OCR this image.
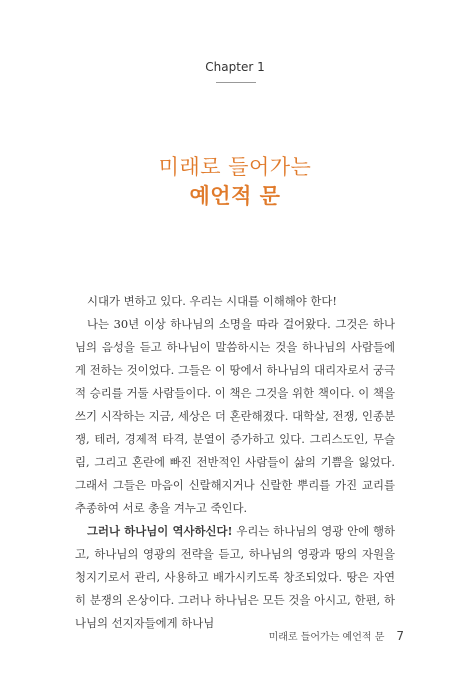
Chapter 1
미래로 들어가는
예언적 문

시대가 변하고 있다. 우리는 시대를 이해해야 한다!

나는 30년 이상 하나님의 소명을 따라 걸어왔다. 그것은 하나님의 음성을 듣고 하나님이 말씀하시는 것을 하나님의 사람들에게 전하는 것이었다. 그들은 이 땅에서 하나님의 대리자로서 궁극적 승리를 거둘 사람들이다. 이 책은 그것을 위한 책이다. 이 책을 쓰기 시작하는 지금, 세상은 더 혼란해졌다. 대학살, 전쟁, 인종분쟁, 테러, 경제적 타격, 분열이 증가하고 있다. 그리스도인, 무슬림, 그리고 혼란에 빠진 전반적인 사람들이 삶의 기쁨을 잃었다. 그래서 그들은 마음이 신랄해지거나 신랄한 뿌리를 가진 교리를 추종하여 서로 총을 겨누고 죽인다.

그러나 하나님이 역사하신다! 우리는 하나님의 영광 안에 행하고, 하나님의 영광의 전략을 듣고, 하나님의 영광과 땅의 자원을 청지기로서 관리, 사용하고 배가시키도록 창조되었다. 땅은 자연히 분쟁의 온상이다. 그러나 하나님은 모든 것을 아시고, 한편, 하나님의 선지자들에게 하나님

미래로 들어가는 예언적 문 7
